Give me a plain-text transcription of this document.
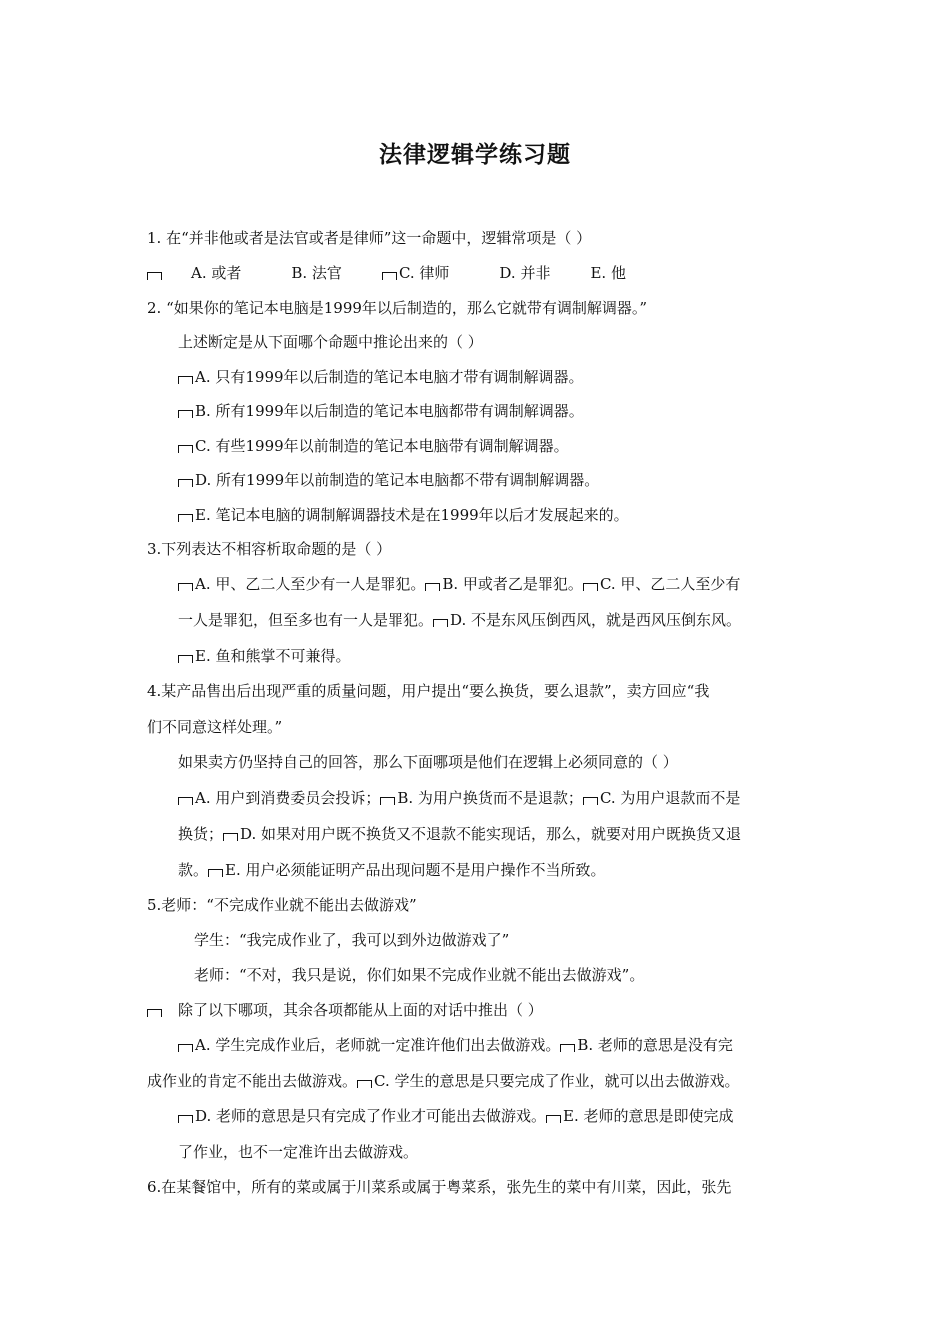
法律逻辑学练习题
1. 在“并非他或者是法官或者是律师”这一命题中，逻辑常项是（ ）
A. 或者	B. 法官	C. 律师	D. 并非	E. 他
2. “如果你的笔记本电脑是1999年以后制造的，那么它就带有调制解调器。”
上述断定是从下面哪个命题中推论出来的（ ）
A. 只有1999年以后制造的笔记本电脑才带有调制解调器。
B. 所有1999年以后制造的笔记本电脑都带有调制解调器。
C. 有些1999年以前制造的笔记本电脑带有调制解调器。
D. 所有1999年以前制造的笔记本电脑都不带有调制解调器。
E. 笔记本电脑的调制解调器技术是在1999年以后才发展起来的。
3.下列表达不相容析取命题的是（ ）
A. 甲、乙二人至少有一人是罪犯。 B. 甲或者乙是罪犯。 C. 甲、乙二人至少有
一人是罪犯，但至多也有一人是罪犯。 D. 不是东风压倒西风，就是西风压倒东风。
E. 鱼和熊掌不可兼得。
4.某产品售出后出现严重的质量问题，用户提出“要么换货，要么退款”，卖方回应“我
们不同意这样处理。”
如果卖方仍坚持自己的回答，那么下面哪项是他们在逻辑上必须同意的（ ）
A. 用户到消费委员会投诉； B. 为用户换货而不是退款； C. 为用户退款而不是
换货； D. 如果对用户既不换货又不退款不能实现话，那么，就要对用户既换货又退
款。 E. 用户必须能证明产品出现问题不是用户操作不当所致。
5.老师：“不完成作业就不能出去做游戏”
学生：“我完成作业了，我可以到外边做游戏了”
老师：“不对，我只是说，你们如果不完成作业就不能出去做游戏”。
除了以下哪项，其余各项都能从上面的对话中推出（ ）
A. 学生完成作业后，老师就一定准许他们出去做游戏。 B. 老师的意思是没有完
成作业的肯定不能出去做游戏。 C. 学生的意思是只要完成了作业，就可以出去做游戏。
D. 老师的意思是只有完成了作业才可能出去做游戏。 E. 老师的意思是即使完成
了作业，也不一定准许出去做游戏。
6.在某餐馆中，所有的菜或属于川菜系或属于粤菜系，张先生的菜中有川菜，因此，张先
